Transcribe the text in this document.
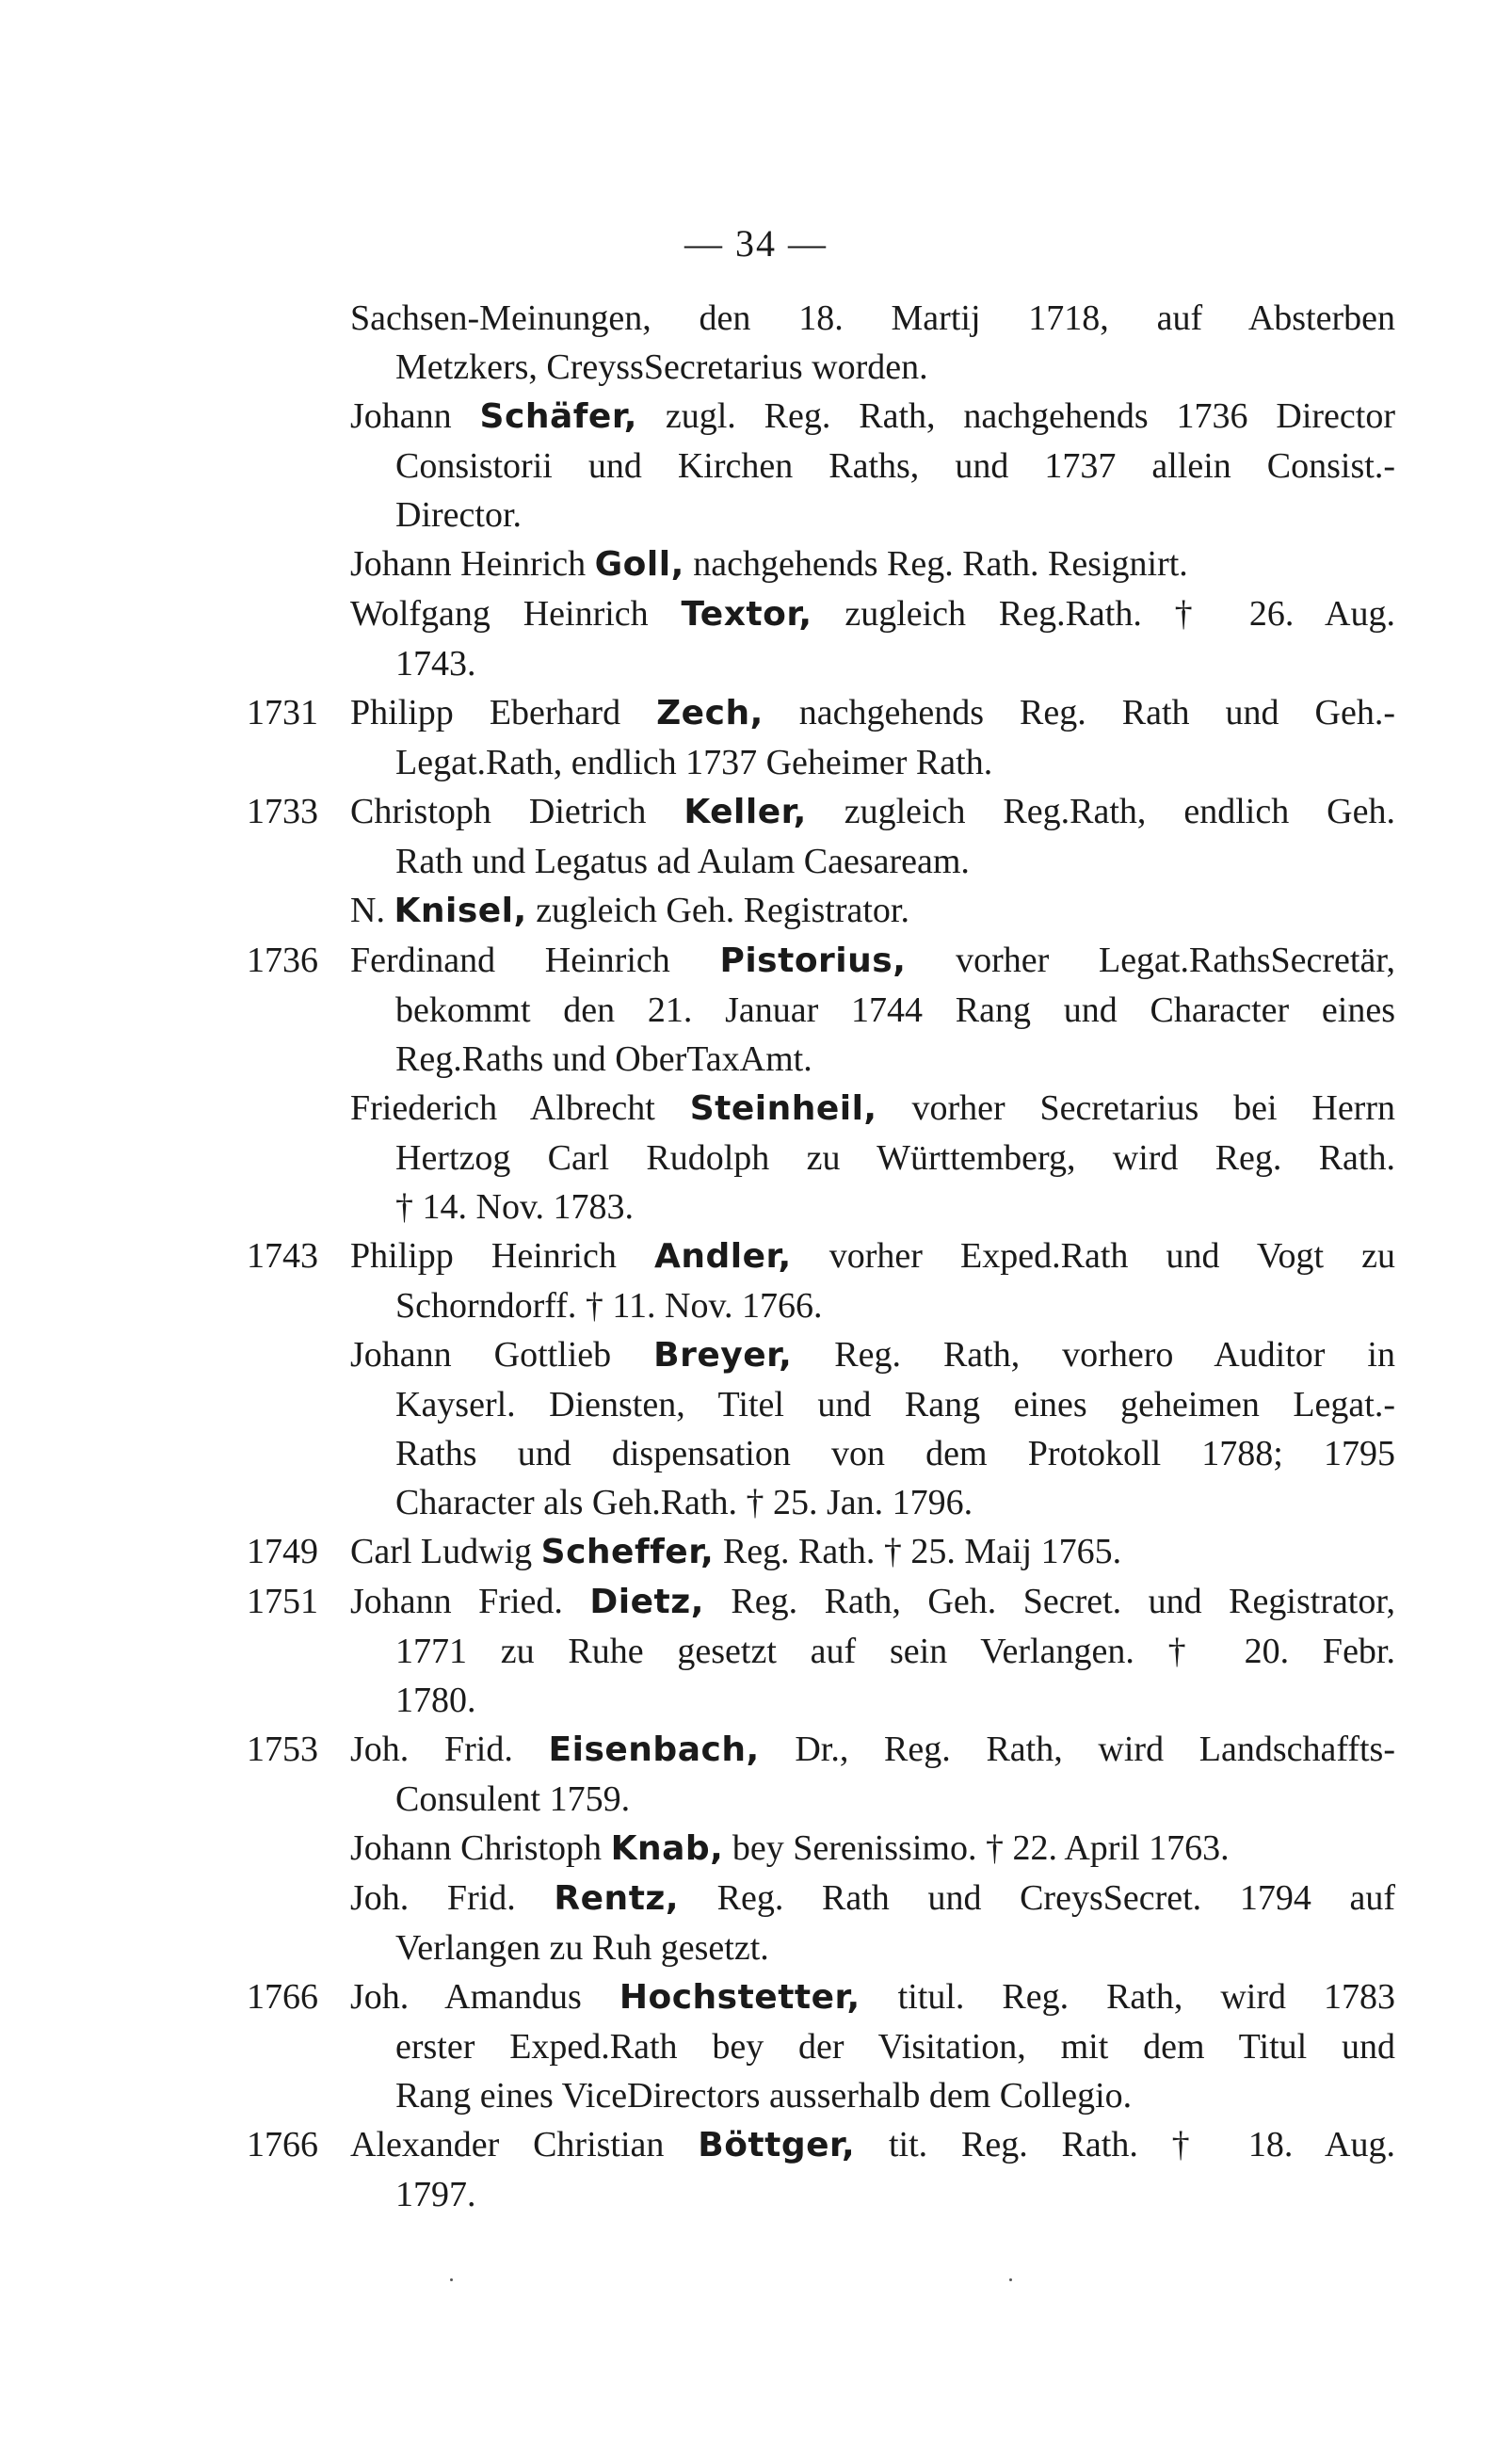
— 34 —
Sachsen-Meinungen, den 18. Martij 1718, auf Absterben
Metzkers, CreyssSecretarius worden.
Johann Schäfer, zugl. Reg. Rath, nachgehends 1736 Director
Consistorii und Kirchen Raths, und 1737 allein Consist.-
Director.
Johann Heinrich Goll, nachgehends Reg. Rath. Resignirt.
Wolfgang Heinrich Textor, zugleich Reg.Rath. † 26. Aug.
1743.
1731 Philipp Eberhard Zech, nachgehends Reg. Rath und Geh.-
Legat.Rath, endlich 1737 Geheimer Rath.
1733 Christoph Dietrich Keller, zugleich Reg.Rath, endlich Geh.
Rath und Legatus ad Aulam Caesaream.
N. Knisel, zugleich Geh. Registrator.
1736 Ferdinand Heinrich Pistorius, vorher Legat.RathsSecretär,
bekommt den 21. Januar 1744 Rang und Character eines
Reg.Raths und OberTaxAmt.
Friederich Albrecht Steinheil, vorher Secretarius bei Herrn
Hertzog Carl Rudolph zu Württemberg, wird Reg. Rath.
† 14. Nov. 1783.
1743 Philipp Heinrich Andler, vorher Exped.Rath und Vogt zu
Schorndorff. † 11. Nov. 1766.
Johann Gottlieb Breyer, Reg. Rath, vorhero Auditor in
Kayserl. Diensten, Titel und Rang eines geheimen Legat.-
Raths und dispensation von dem Protokoll 1788; 1795
Character als Geh.Rath. † 25. Jan. 1796.
1749 Carl Ludwig Scheffer, Reg. Rath. † 25. Maij 1765.
1751 Johann Fried. Dietz, Reg. Rath, Geh. Secret. und Registrator,
1771 zu Ruhe gesetzt auf sein Verlangen. † 20. Febr.
1780.
1753 Joh. Frid. Eisenbach, Dr., Reg. Rath, wird Landschaffts-
Consulent 1759.
Johann Christoph Knab, bey Serenissimo. † 22. April 1763.
Joh. Frid. Rentz, Reg. Rath und CreysSecret. 1794 auf
Verlangen zu Ruh gesetzt.
1766 Joh. Amandus Hochstetter, titul. Reg. Rath, wird 1783
erster Exped.Rath bey der Visitation, mit dem Titul und
Rang eines ViceDirectors ausserhalb dem Collegio.
1766 Alexander Christian Böttger, tit. Reg. Rath. † 18. Aug.
1797.
